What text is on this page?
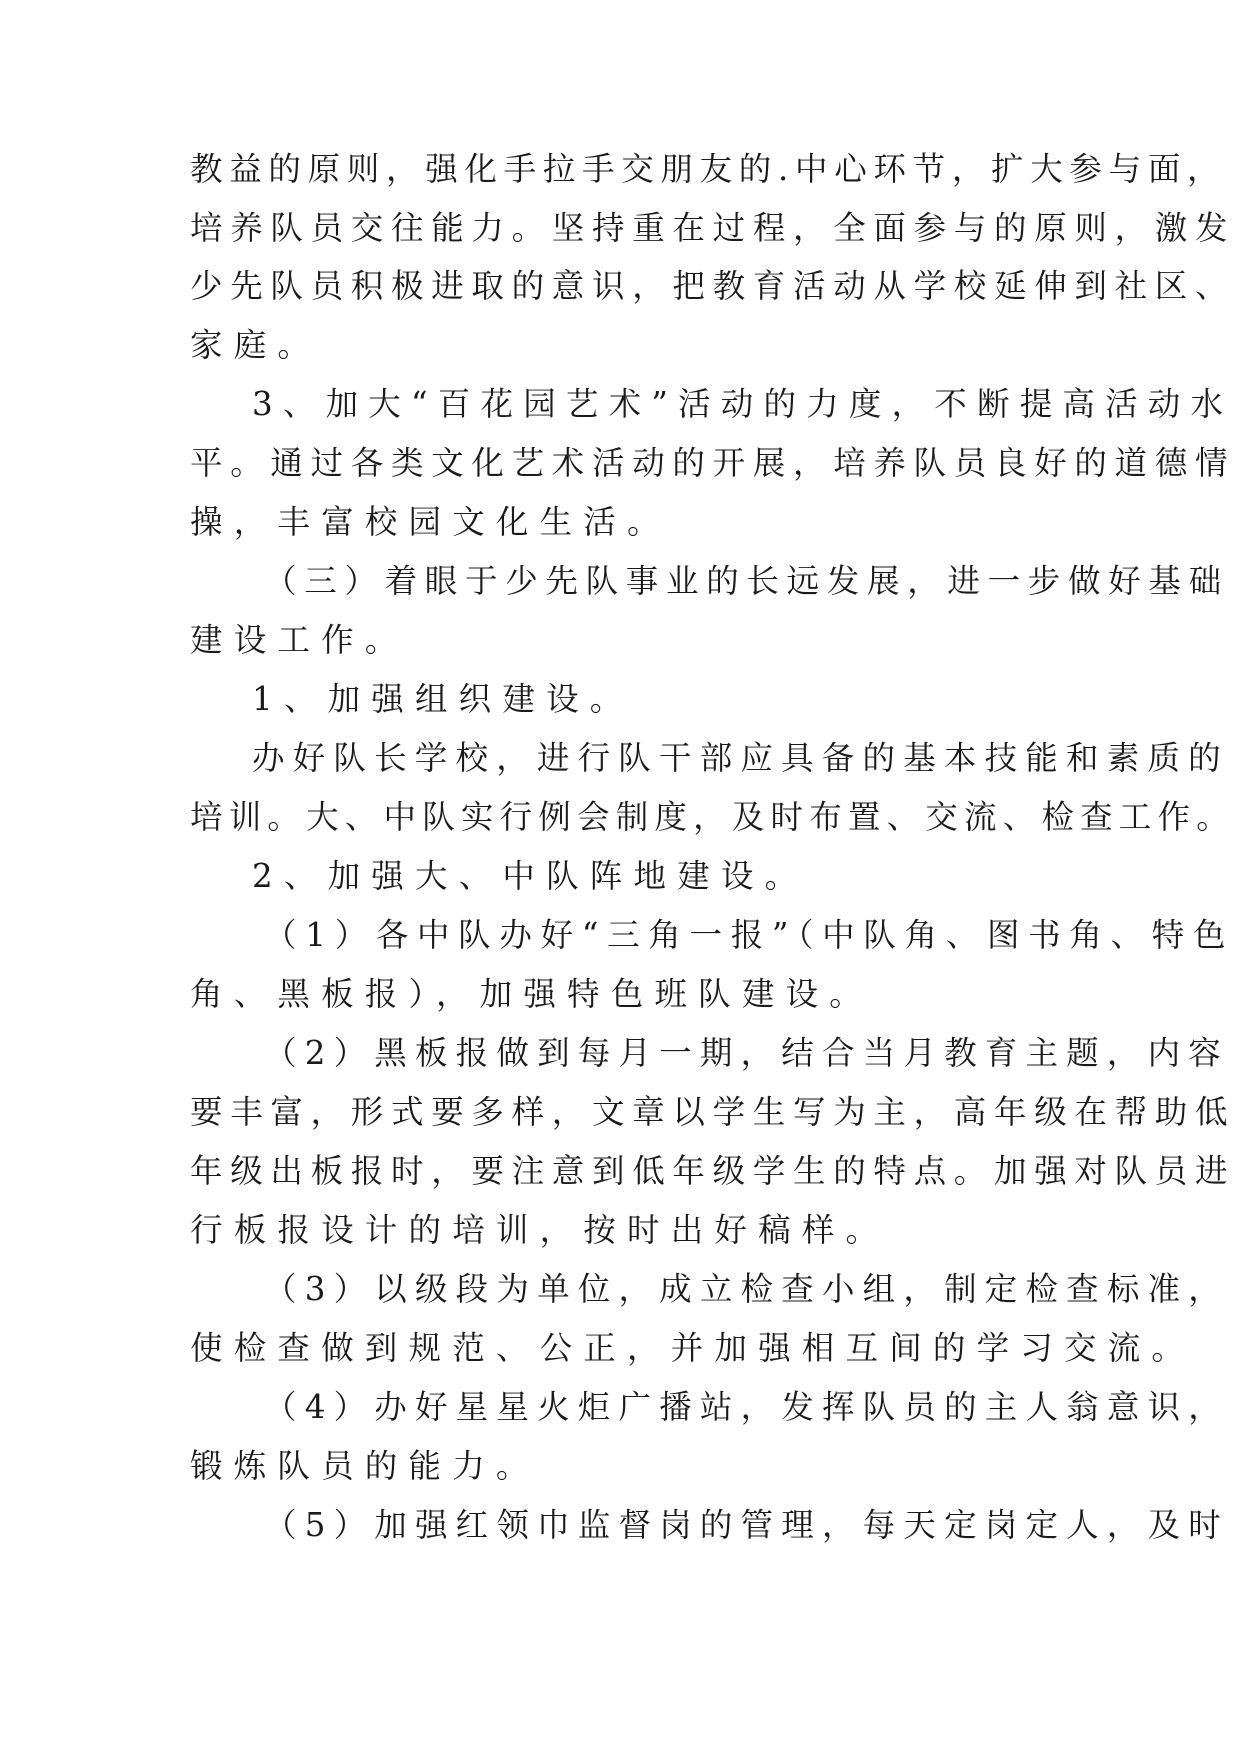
教益的原则，强化手拉手交朋友的.中心环节，扩大参与面，
培养队员交往能力。坚持重在过程，全面参与的原则，激发
少先队员积极进取的意识，把教育活动从学校延伸到社区、
家庭。
3、加大“百花园艺术”活动的力度，不断提高活动水
平。通过各类文化艺术活动的开展，培养队员良好的道德情
操，丰富校园文化生活。
（三）着眼于少先队事业的长远发展，进一步做好基础
建设工作。
1、加强组织建设。
办好队长学校，进行队干部应具备的基本技能和素质的
培训。大、中队实行例会制度，及时布置、交流、检查工作。
2、加强大、中队阵地建设。
（1）各中队办好“三角一报”（中队角、图书角、特色
角、黑板报），加强特色班队建设。
（2）黑板报做到每月一期，结合当月教育主题，内容
要丰富，形式要多样，文章以学生写为主，高年级在帮助低
年级出板报时，要注意到低年级学生的特点。加强对队员进
行板报设计的培训，按时出好稿样。
（3）以级段为单位，成立检查小组，制定检查标准，
使检查做到规范、公正，并加强相互间的学习交流。
（4）办好星星火炬广播站，发挥队员的主人翁意识，
锻炼队员的能力。
（5）加强红领巾监督岗的管理，每天定岗定人，及时
